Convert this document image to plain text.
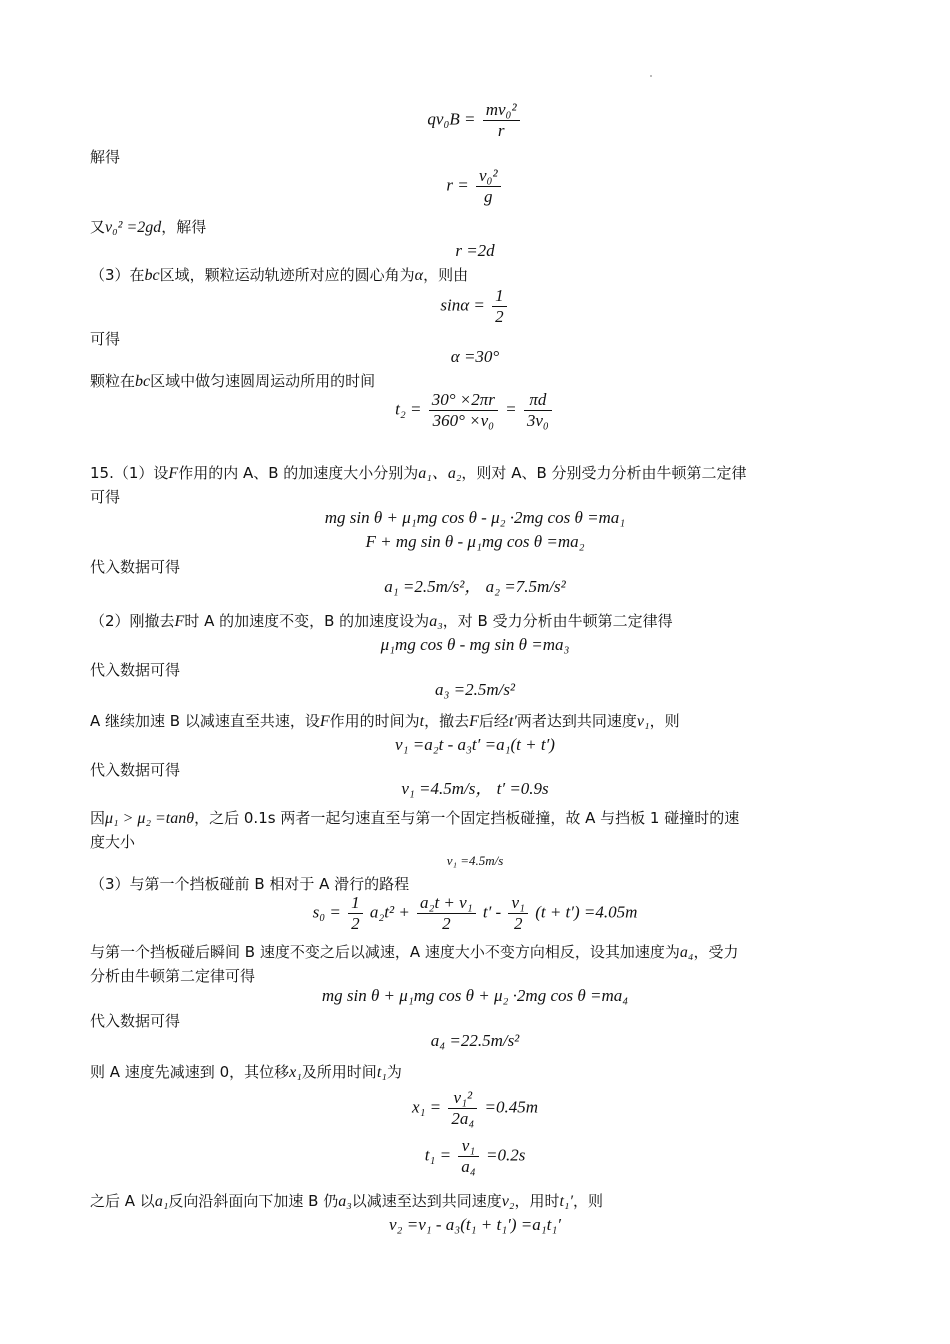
$qv_0B = \frac{\text{mv₀²}}{r}$
解得
$r = \frac{\text{v₀²}}{g}$
又v₀² =2gd，解得
r =2d
（3）在bc区域，颗粒运动轨迹所对应的圆心角为α，则由
$\sin\alpha = \frac{1}{2}$
可得
α =30°
颗粒在bc区域中做匀速圆周运动所用的时间
$t_2 = \frac{30^\circ \times 2\pi r}{\text{360° ×v₀}} = \frac{\pi d}{\text{3v₀}}$
15.（1）设F作用的内 A、B 的加速度大小分别为a₁、a₂，则对 A、B 分别受力分析由牛顿第二定律
可得
mg sin θ + μ₁mg cos θ - μ₂ ·2mg cos θ =ma₁
F + mg sin θ - μ₁mg cos θ =ma₂
代入数据可得
a₁ =2.5m/s²， a₂ =7.5m/s²
（2）刚撤去F时 A 的加速度不变，B 的加速度设为a₃，对 B 受力分析由牛顿第二定律得
μ₁mg cos θ - mg sin θ =ma₃
代入数据可得
a₃ =2.5m/s²
A 继续加速 B 以减速直至共速，设F作用的时间为t，撤去F后经t′两者达到共同速度v₁，则
v₁ =a₂t - a₃t′ =a₁(t + t′)
代入数据可得
v₁ =4.5m/s， t′ =0.9s
因μ₁ > μ₂ =tanθ，之后 0.1s 两者一起匀速直至与第一个固定挡板碰撞，故 A 与挡板 1 碰撞时的速
度大小
v₁ =4.5m/s
（3）与第一个挡板碰前 B 相对于 A 滑行的路程
$s_0 = \frac{1}{2} a_2t^2 + \frac{\text{a₂t + v₁}}{2} t' - \frac{\text{v₁}}{2} (t + t') =4.05m$
与第一个挡板碰后瞬间 B 速度不变之后以减速，A 速度大小不变方向相反，设其加速度为a₄，受力
分析由牛顿第二定律可得
mg sin θ + μ₁mg cos θ + μ₂ ·2mg cos θ =ma₄
代入数据可得
a₄ =22.5m/s²
则 A 速度先减速到 0，其位移x₁及所用时间t₁为
$x_1 = \frac{\text{v₁²}}{\text{2a₄}} =0.45m$
$t_1 = \frac{\text{v₁}}{\text{a₄}} =0.2s$
之后 A 以a₁反向沿斜面向下加速 B 仍a₃以减速至达到共同速度v₂，用时t₁′，则
v₂ =v₁ - a₃(t₁ + t₁′) =a₁t₁′
